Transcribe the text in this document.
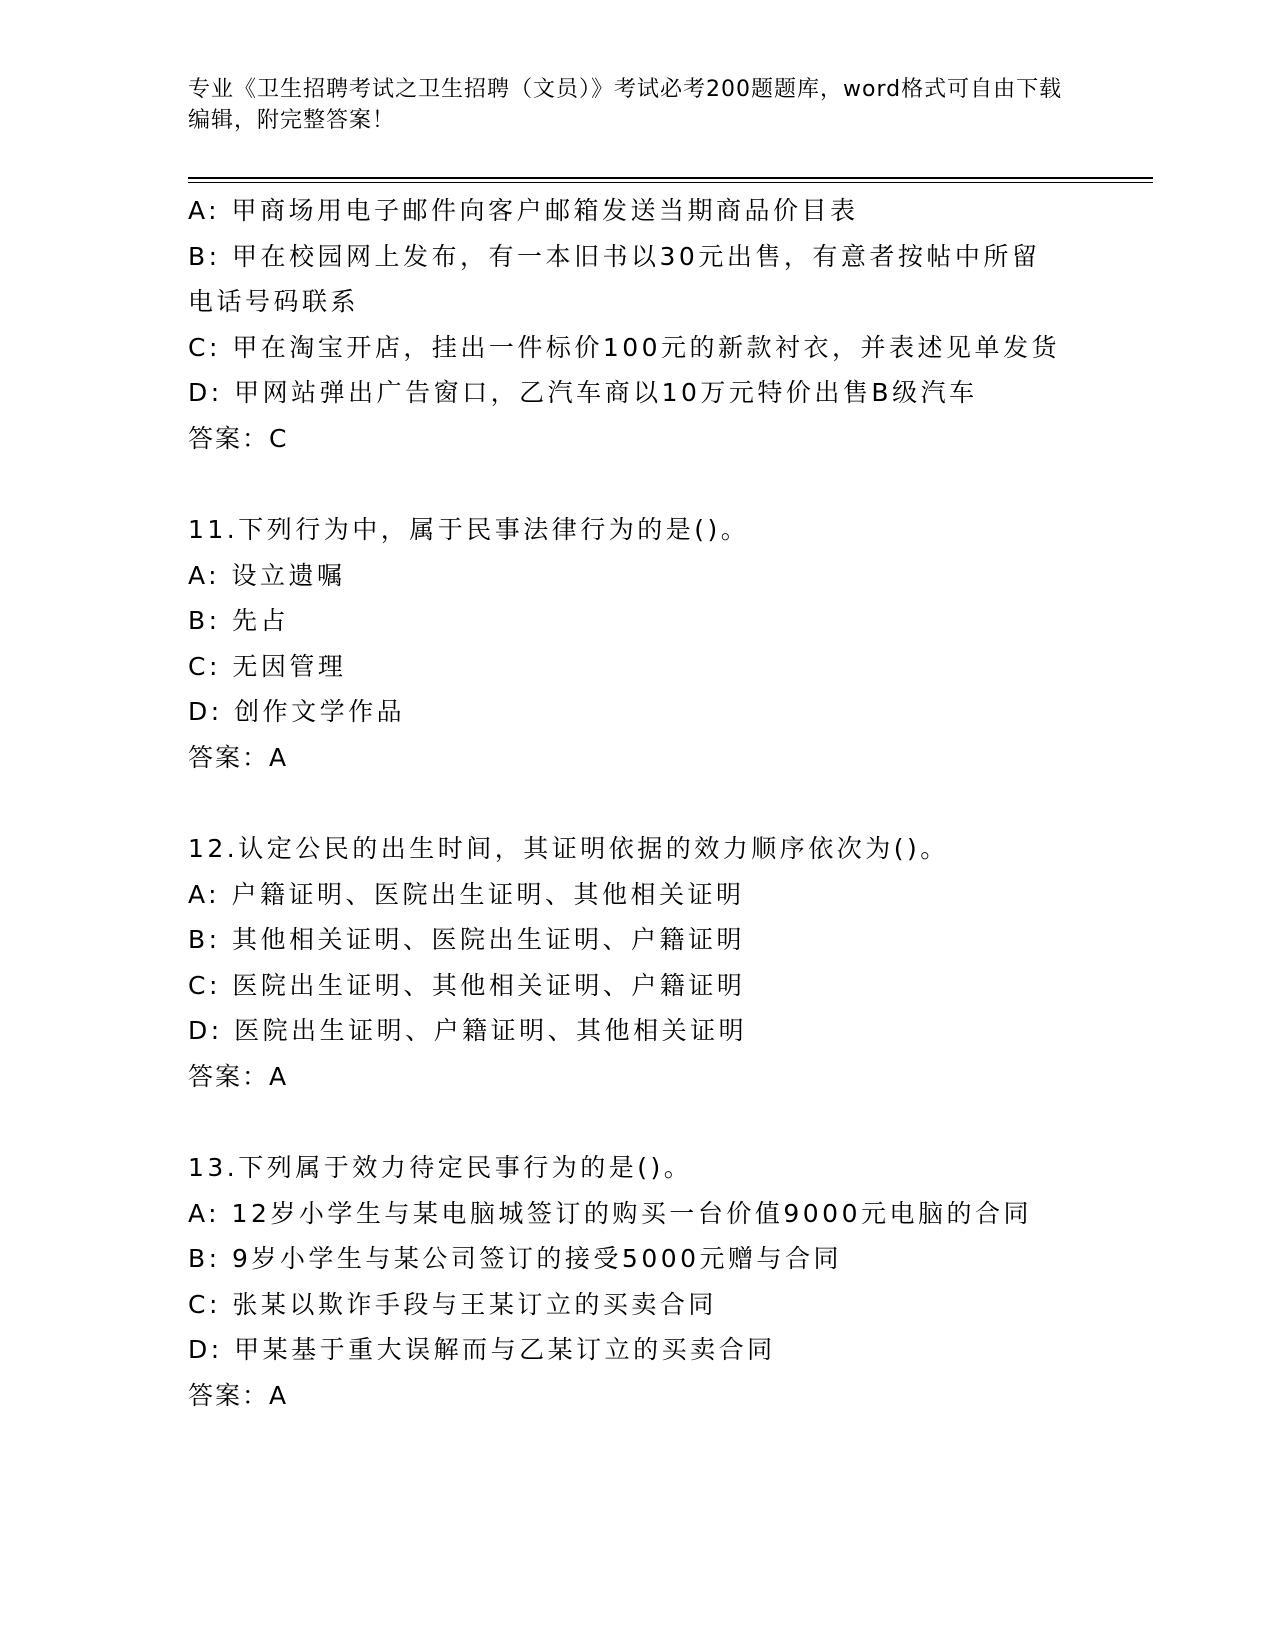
专业《卫生招聘考试之卫生招聘（文员）》考试必考200题题库，word格式可自由下载编辑，附完整答案！
A: 甲商场用电子邮件向客户邮箱发送当期商品价目表
B: 甲在校园网上发布，有一本旧书以30元出售，有意者按帖中所留电话号码联系
C: 甲在淘宝开店，挂出一件标价100元的新款衬衣，并表述见单发货
D: 甲网站弹出广告窗口，乙汽车商以10万元特价出售B级汽车
答案：C
11.下列行为中，属于民事法律行为的是()。
A: 设立遗嘱
B: 先占
C: 无因管理
D: 创作文学作品
答案：A
12.认定公民的出生时间，其证明依据的效力顺序依次为()。
A: 户籍证明、医院出生证明、其他相关证明
B: 其他相关证明、医院出生证明、户籍证明
C: 医院出生证明、其他相关证明、户籍证明
D: 医院出生证明、户籍证明、其他相关证明
答案：A
13.下列属于效力待定民事行为的是()。
A: 12岁小学生与某电脑城签订的购买一台价值9000元电脑的合同
B: 9岁小学生与某公司签订的接受5000元赠与合同
C: 张某以欺诈手段与王某订立的买卖合同
D: 甲某基于重大误解而与乙某订立的买卖合同
答案：A
